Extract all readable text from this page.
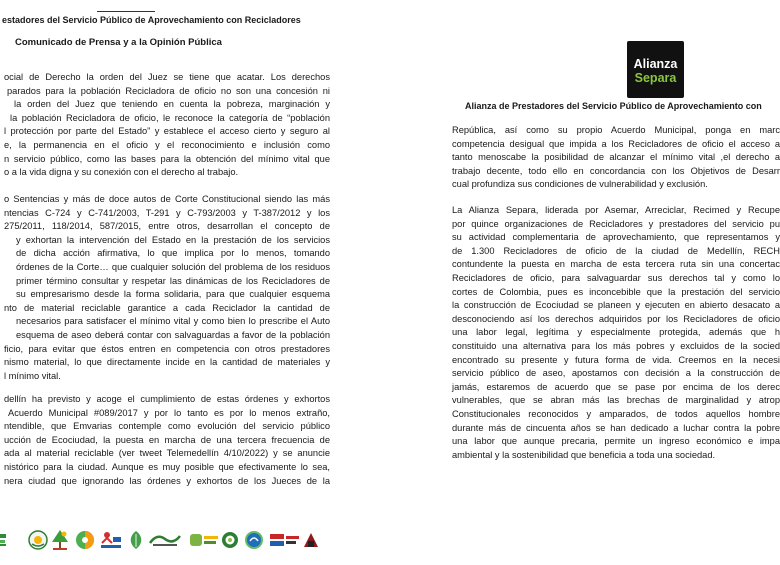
estadores del Servicio Público de Aprovechamiento con Recicladores
Comunicado de Prensa y a la Opinión Pública
ocial de Derecho la orden del Juez se tiene que acatar. Los derechos
parados para la población Recicladora de oficio no son una concesión ni
la orden del Juez que teniendo en cuenta la pobreza, marginación y
la población Recicladora de oficio, le reconoce la categoría de “población
l protección por parte del Estado” y establece el acceso cierto y seguro al
e, la permanencia en el oficio y el reconocimiento e inclusión como
n servicio público, como las bases para la obtención del mínimo vital que
o a la vida digna y su conexión con el derecho al trabajo.
o Sentencias y más de doce autos de Corte Constitucional siendo las más
ntencias C-724 y C-741/2003, T-291 y C-793/2003 y T-387/2012 y los
275/2011, 118/2014, 587/2015, entre otros, desarrollan el concepto de
y exhortan la intervención del Estado en la prestación de los servicios
de dicha acción afirmativa, lo que implica por lo menos, tomando
órdenes de la Corte… que cualquier solución del problema de los residuos
primer término consultar y respetar las dinámicas de los Recicladores de
su empresarismo desde la forma solidaria, para que cualquier esquema
nto de material reciclable garantice a cada Reciclador la cantidad de
necesarios para satisfacer el mínimo vital y como bien lo prescribe el Auto
esquema de aseo deberá contar con salvaguardas a favor de la población
ficio, para evitar que éstos entren en competencia con otros prestadores
nismo material, lo que directamente incide en la cantidad de materiales y
l mínimo vital.
dellín ha previsto y acoge el cumplimiento de estas órdenes y exhortos
Acuerdo Municipal #089/2017 y por lo tanto es por lo menos extraño,
ntendible, que Emvarias contemple como evolución del servicio público
ucción de Ecociudad, la puesta en marcha de una tercera frecuencia de
ada al material reciclable (ver tweet Telemedellín 4/10/2022) y se anuncie
nistórico para la ciudad. Aunque es muy posible que efectivamente lo sea,
nera ciudad que ignorando las órdenes y exhortos de los Jueces de la
Alianza
Separa
Alianza de Prestadores del Servicio Público de Aprovechamiento con
República, así como su propio Acuerdo Municipal, ponga en marc
competencia desigual que impida a los Recicladores de oficio el acceso a
tanto menoscabe la posibilidad de alcanzar el mínimo vital ,el derecho a
trabajo decente, todo ello en concordancia con los Objetivos de Desarr
cual profundiza sus condiciones de vulnerabilidad y exclusión.
La Alianza Separa, liderada por Asemar, Arreciclar, Recimed y Recupe
por quince organizaciones de Recicladores y prestadores del servicio pu
su actividad complementaria de aprovechamiento, que representamos y
de 1.300 Recicladores de oficio de la ciudad de Medellín, RECH
contundente la puesta en marcha de esta tercera ruta sin una concertac
Recicladores de oficio, para salvaguardar sus derechos tal y como lo
cortes de Colombia, pues es inconcebible que la prestación del servicio
la construcción de Ecociudad se planeen y ejecuten en abierto desacato a
desconociendo así los derechos adquiridos por los Recicladores de oficio
una labor legal, legítima y especialmente protegida, además que h
constituido una alternativa para los más pobres y excluidos de la socied
encontrado su presente y futura forma de vida. Creemos en la necesi
servicio público de aseo, apostamos con decisión a la construcción de
jamás, estaremos de acuerdo que se pase por encima de los derec
vulnerables, que se abran más las brechas de marginalidad y atrop
Constitucionales reconocidos y amparados, de todos aquellos hombre
durante más de cincuenta años se han dedicado a luchar contra la pobre
una labor que aunque precaria, permite un ingreso económico e impa
ambiental y la sostenibilidad que beneficia a toda una sociedad.
